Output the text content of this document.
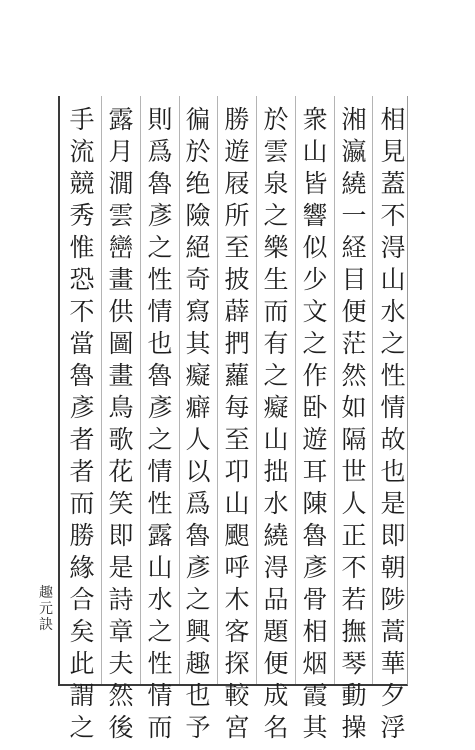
相
見
蓋
不
淂
山
水
之
性
情
故
也
是
即
朝
陟
蒿
華
夕
浮
湘
瀛
繞
一
経
目
便
茫
然
如
隔
世
人
正
不
若
撫
琴
動
操
衆
山
皆
響
似
少
文
之
作
卧
遊
耳
陳
魯
彥
骨
相
烟
霞
其
於
雲
泉
之
樂
生
而
有
之
癡
山
拙
水
繞
淂
品
題
便
成
名
勝
遊
屐
所
至
披
薜
捫
蘿
每
至
卭
山
𩗗
呼
木
客
探
較
宮
徧
於
绝
險
絕
奇
寫
其
癡
癖
人
以
爲
魯
彥
之
興
趣
也
予
則
爲
魯
彥
之
性
情
也
魯
彥
之
情
性
露
山
水
之
性
情
而
露
月
㵎
雲
巒
畫
供
圖
畫
鳥
歌
花
笑
即
是
詩
章
夫
然
後
手
流
競
秀
惟
恐
不
當
魯
彥
者
者
而
勝
緣
合
矣
此
謂
之
趣
元
訣
